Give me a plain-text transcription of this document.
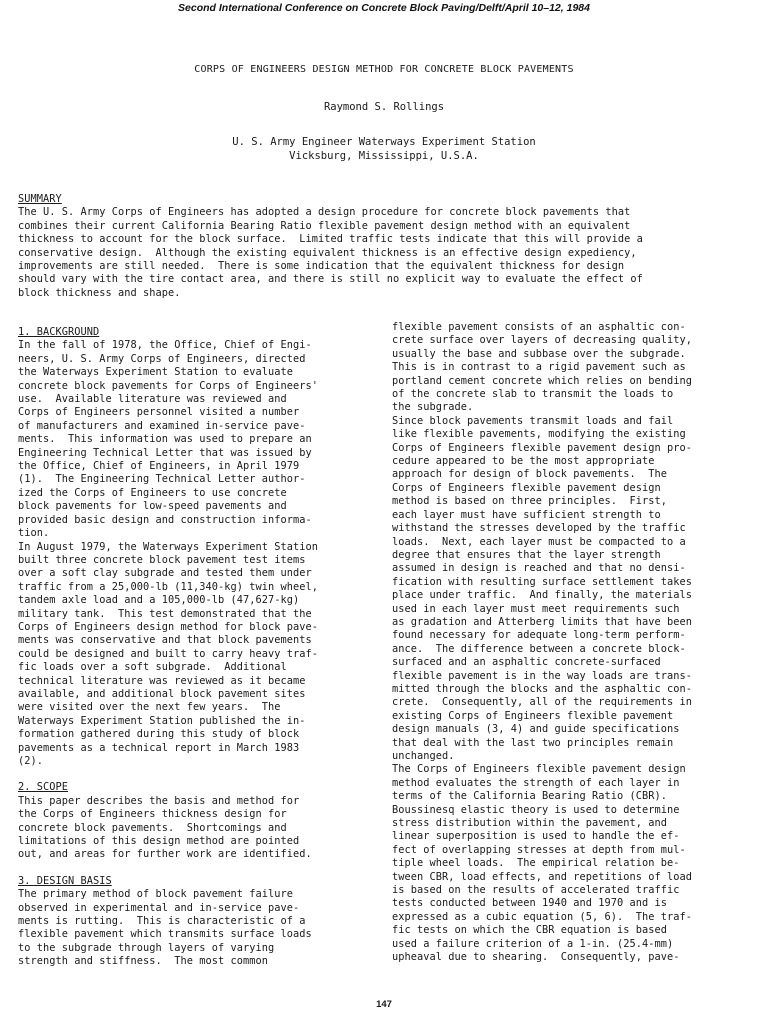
Second International Conference on Concrete Block Paving/Delft/April 10–12, 1984
CORPS OF ENGINEERS DESIGN METHOD FOR CONCRETE BLOCK PAVEMENTS
Raymond S. Rollings
U. S. Army Engineer Waterways Experiment Station
Vicksburg, Mississippi, U.S.A.
SUMMARY
The U. S. Army Corps of Engineers has adopted a design procedure for concrete block pavements that
combines their current California Bearing Ratio flexible pavement design method with an equivalent
thickness to account for the block surface.  Limited traffic tests indicate that this will provide a
conservative design.  Although the existing equivalent thickness is an effective design expediency,
improvements are still needed.  There is some indication that the equivalent thickness for design
should vary with the tire contact area, and there is still no explicit way to evaluate the effect of
block thickness and shape.
1. BACKGROUND
In the fall of 1978, the Office, Chief of Engi-
neers, U. S. Army Corps of Engineers, directed
the Waterways Experiment Station to evaluate
concrete block pavements for Corps of Engineers'
use.  Available literature was reviewed and
Corps of Engineers personnel visited a number
of manufacturers and examined in-service pave-
ments.  This information was used to prepare an
Engineering Technical Letter that was issued by
the Office, Chief of Engineers, in April 1979
(1).  The Engineering Technical Letter author-
ized the Corps of Engineers to use concrete
block pavements for low-speed pavements and
provided basic design and construction informa-
tion.
In August 1979, the Waterways Experiment Station
built three concrete block pavement test items
over a soft clay subgrade and tested them under
traffic from a 25,000-lb (11,340-kg) twin wheel,
tandem axle load and a 105,000-lb (47,627-kg)
military tank.  This test demonstrated that the
Corps of Engineers design method for block pave-
ments was conservative and that block pavements
could be designed and built to carry heavy traf-
fic loads over a soft subgrade.  Additional
technical literature was reviewed as it became
available, and additional block pavement sites
were visited over the next few years.  The
Waterways Experiment Station published the in-
formation gathered during this study of block
pavements as a technical report in March 1983
(2).
2. SCOPE
This paper describes the basis and method for
the Corps of Engineers thickness design for
concrete block pavements.  Shortcomings and
limitations of this design method are pointed
out, and areas for further work are identified.
3. DESIGN BASIS
The primary method of block pavement failure
observed in experimental and in-service pave-
ments is rutting.  This is characteristic of a
flexible pavement which transmits surface loads
to the subgrade through layers of varying
strength and stiffness.  The most common
flexible pavement consists of an asphaltic con-
crete surface over layers of decreasing quality,
usually the base and subbase over the subgrade.
This is in contrast to a rigid pavement such as
portland cement concrete which relies on bending
of the concrete slab to transmit the loads to
the subgrade.
Since block pavements transmit loads and fail
like flexible pavements, modifying the existing
Corps of Engineers flexible pavement design pro-
cedure appeared to be the most appropriate
approach for design of block pavements.  The
Corps of Engineers flexible pavement design
method is based on three principles.  First,
each layer must have sufficient strength to
withstand the stresses developed by the traffic
loads.  Next, each layer must be compacted to a
degree that ensures that the layer strength
assumed in design is reached and that no densi-
fication with resulting surface settlement takes
place under traffic.  And finally, the materials
used in each layer must meet requirements such
as gradation and Atterberg limits that have been
found necessary for adequate long-term perform-
ance.  The difference between a concrete block-
surfaced and an asphaltic concrete-surfaced
flexible pavement is in the way loads are trans-
mitted through the blocks and the asphaltic con-
crete.  Consequently, all of the requirements in
existing Corps of Engineers flexible pavement
design manuals (3, 4) and guide specifications
that deal with the last two principles remain
unchanged.
The Corps of Engineers flexible pavement design
method evaluates the strength of each layer in
terms of the California Bearing Ratio (CBR).
Boussinesq elastic theory is used to determine
stress distribution within the pavement, and
linear superposition is used to handle the ef-
fect of overlapping stresses at depth from mul-
tiple wheel loads.  The empirical relation be-
tween CBR, load effects, and repetitions of load
is based on the results of accelerated traffic
tests conducted between 1940 and 1970 and is
expressed as a cubic equation (5, 6).  The traf-
fic tests on which the CBR equation is based
used a failure criterion of a 1-in. (25.4-mm)
upheaval due to shearing.  Consequently, pave-
147
